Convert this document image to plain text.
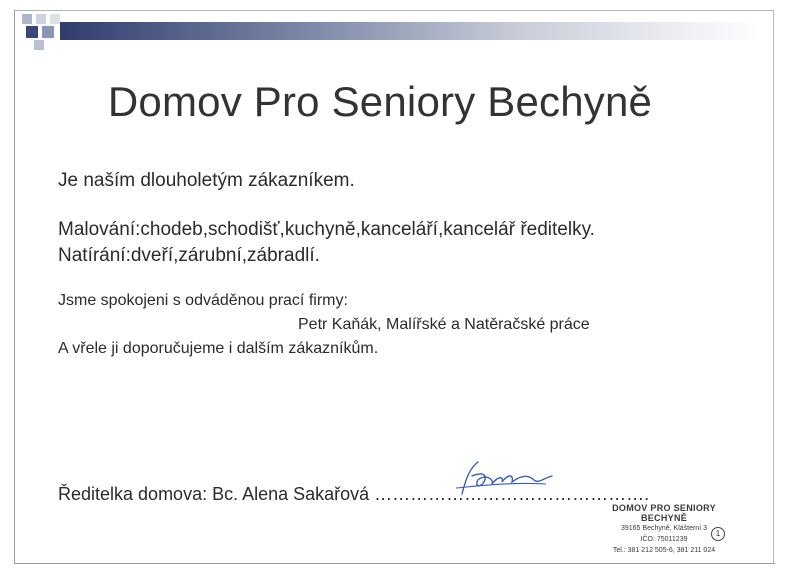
Domov Pro Seniory Bechyně
Je naším dlouholetým zákazníkem.
Malování:chodeb,schodišť,kuchyně,kanceláří,kancelář ředitelky.
Natírání:dveří,zárubní,zábradlí.
Jsme spokojeni s odváděnou prací firmy:
Petr Kaňák, Malířské a Natěračské práce
A vřele ji doporučujeme i dalším zákazníkům.
Ředitelka domova: Bc. Alena Sakařová ……………………………………….
DOMOV PRO SENIORY BECHYNĚ
39165 Bechyně, Klášterní 3
IČO: 75011239
Tel.: 381 212 505-6, 381 211 024
1
